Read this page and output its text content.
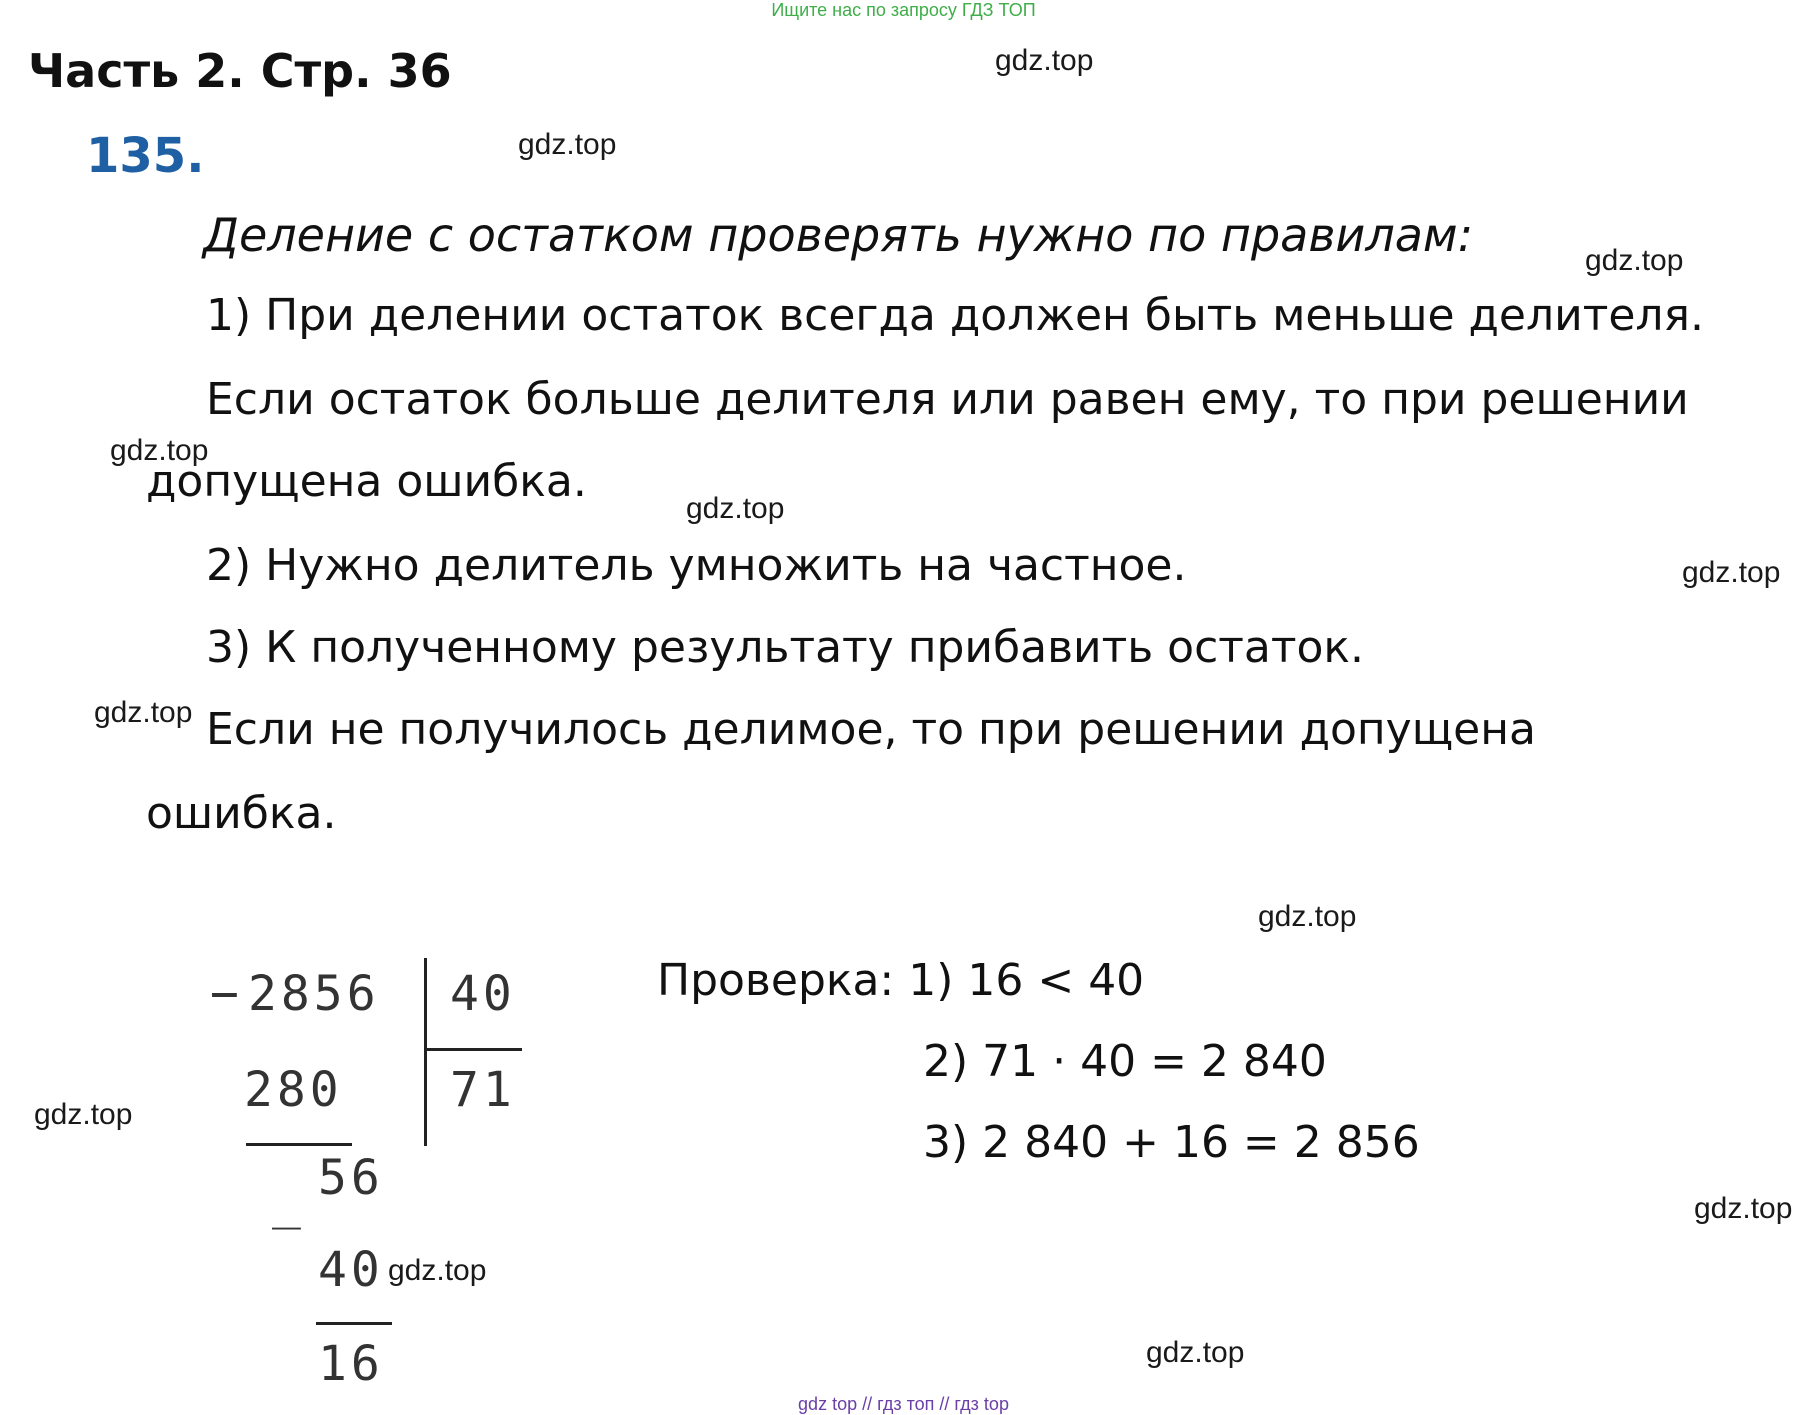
Ищите нас по запросу ГДЗ ТОП
Часть 2. Стр. 36
135.
Деление с остатком проверять нужно по правилам:
1) При делении остаток всегда должен быть меньше делителя.
Если остаток больше делителя или равен ему, то при решении
допущена ошибка.
2) Нужно делитель умножить на частное.
3) К полученному результату прибавить остаток.
Если не получилось делимое, то при решении допущена
ошибка.
− 2856 40
71
280
56
_
40
16
Проверка: 1) 16 < 40
2) 71 · 40 = 2 840
3) 2 840 + 16 = 2 856
gdz.top
gdz.top
gdz.top
gdz.top
gdz.top
gdz.top
gdz.top
gdz.top
gdz.top
gdz.top
gdz.top
gdz.top
gdz top // гдз топ // гдз top
